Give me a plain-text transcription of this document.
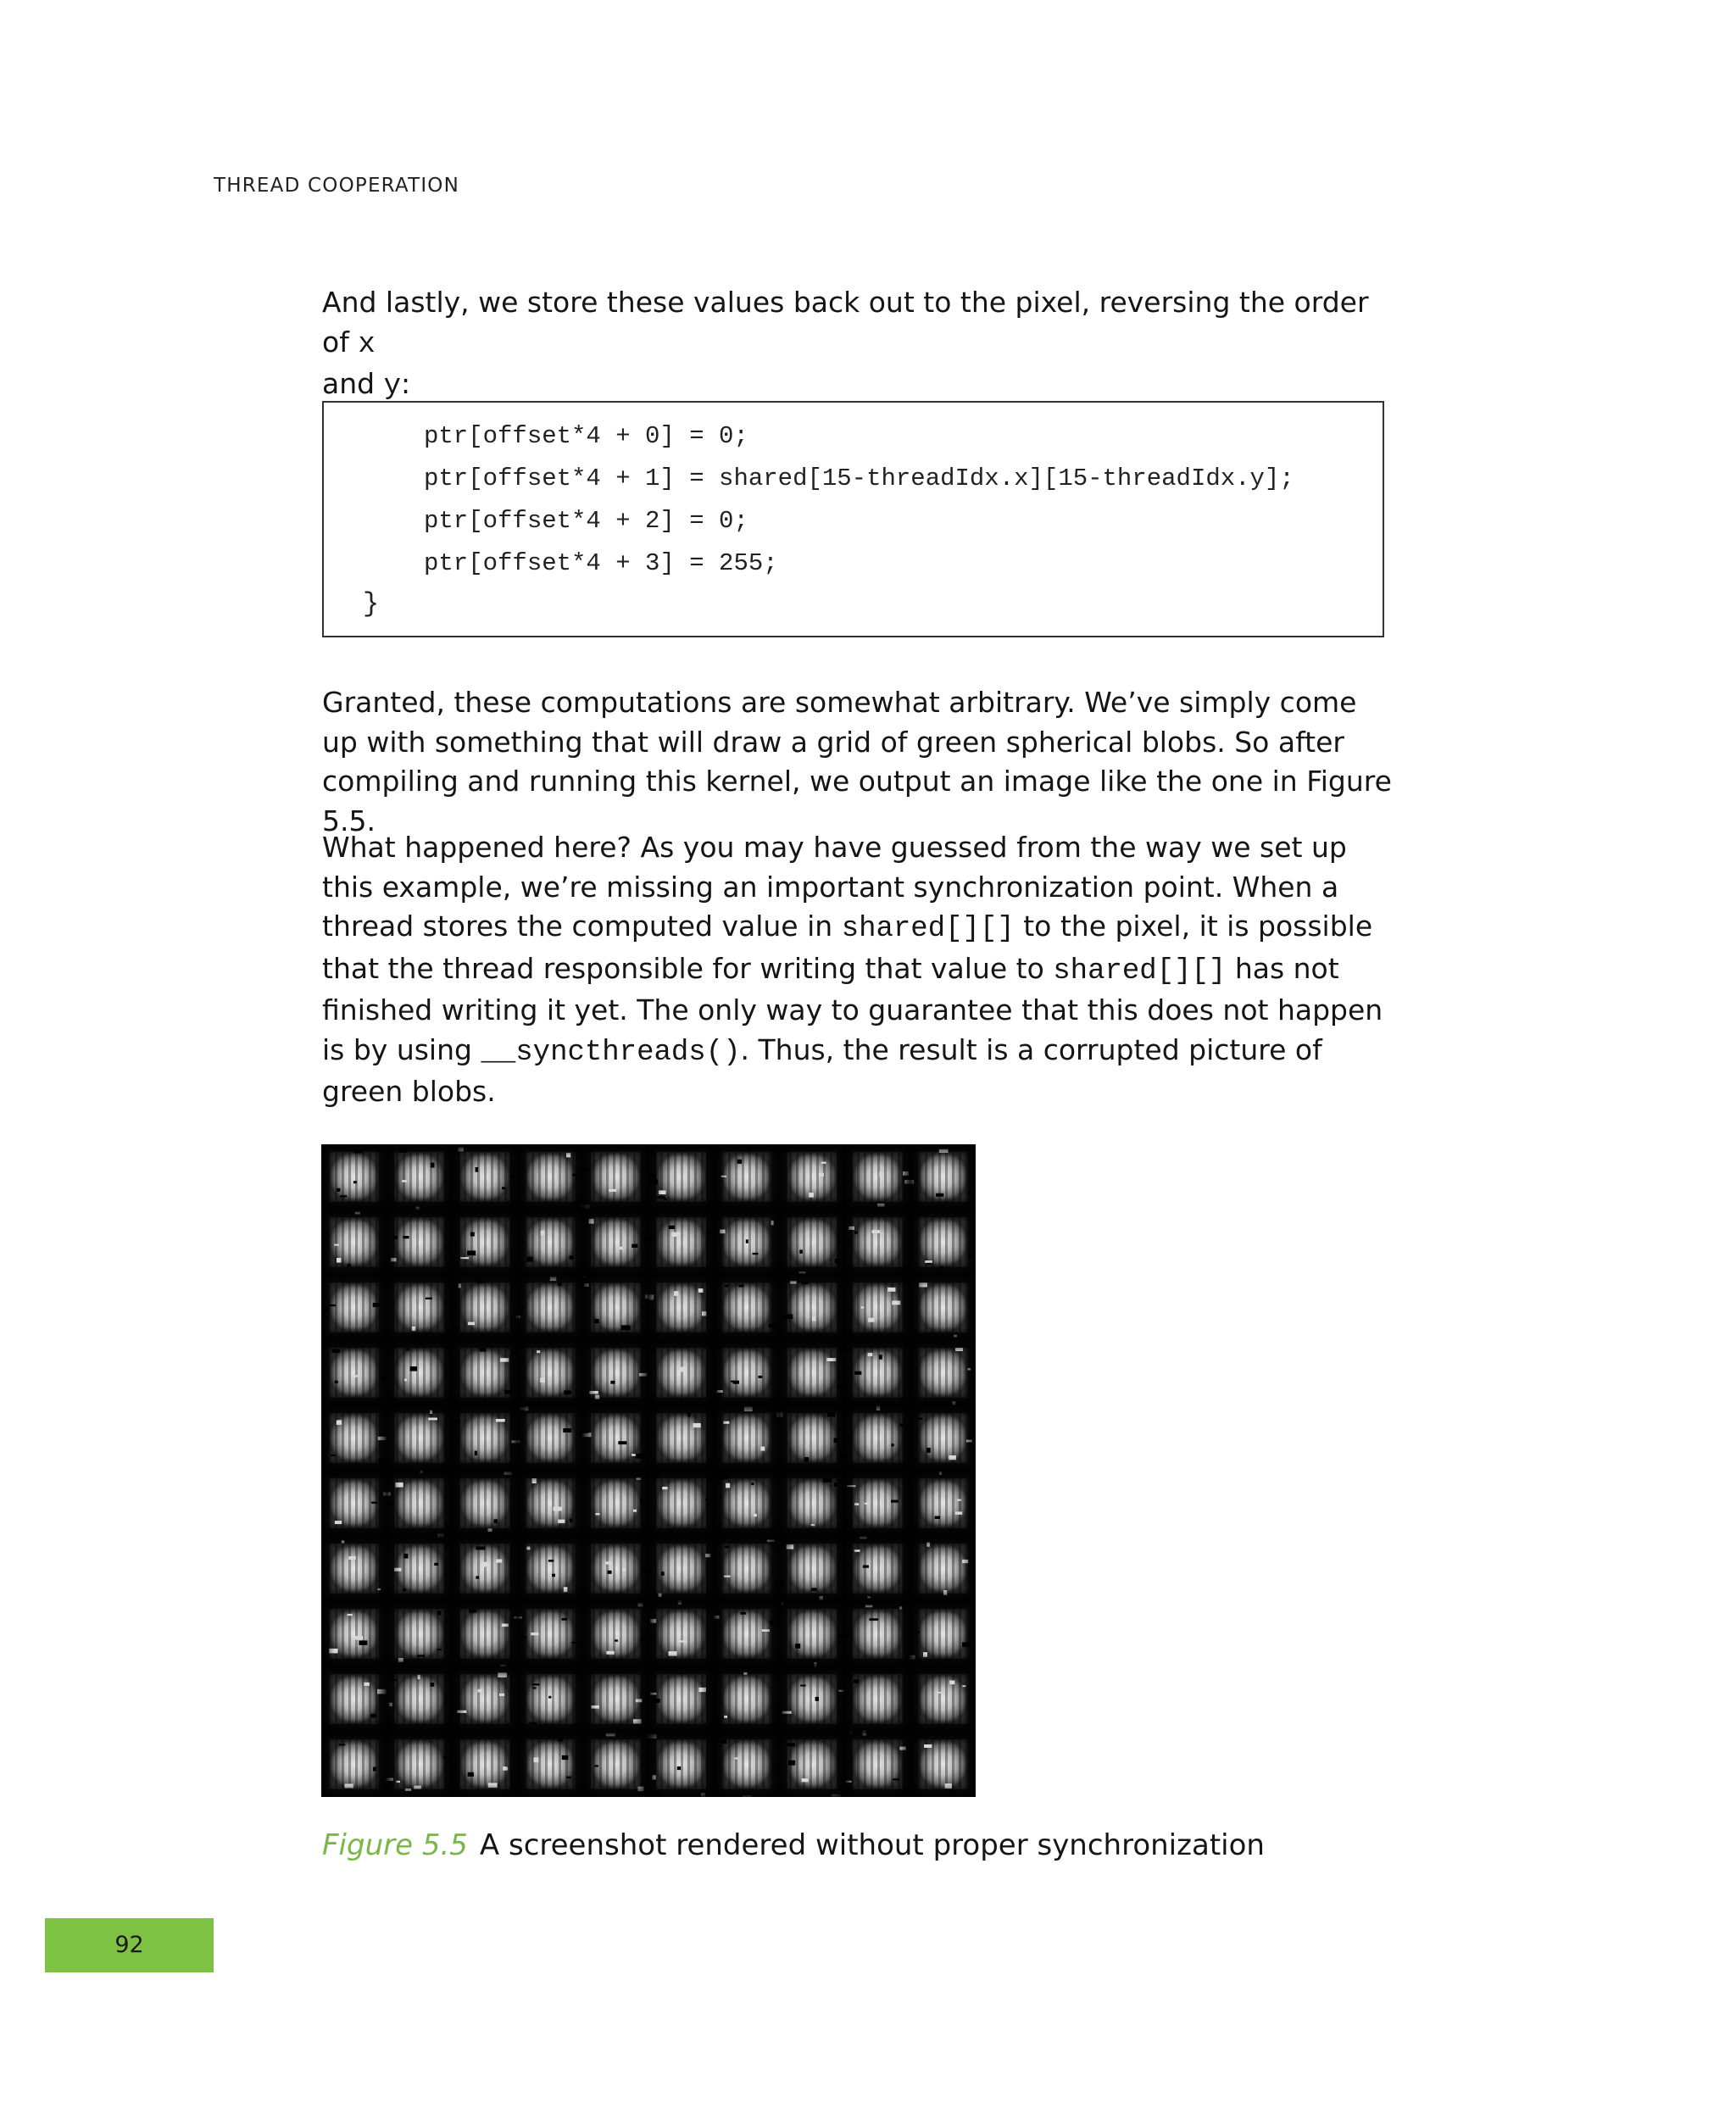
THREAD COOPERATION

And lastly, we store these values back out to the pixel, reversing the order of x
and y:

ptr[offset*4 + 0] = 0;
ptr[offset*4 + 1] = shared[15-threadIdx.x][15-threadIdx.y];
ptr[offset*4 + 2] = 0;
ptr[offset*4 + 3] = 255;
}

Granted, these computations are somewhat arbitrary. We’ve simply come up with something that will draw a grid of green spherical blobs. So after compiling and running this kernel, we output an image like the one in Figure 5.5.

What happened here? As you may have guessed from the way we set up this example, we’re missing an important synchronization point. When a thread stores the computed value in shared[][] to the pixel, it is possible that the thread responsible for writing that value to shared[][] has not finished writing it yet. The only way to guarantee that this does not happen is by using __syncthreads(). Thus, the result is a corrupted picture of green blobs.

Figure 5.5 A screenshot rendered without proper synchronization
92
